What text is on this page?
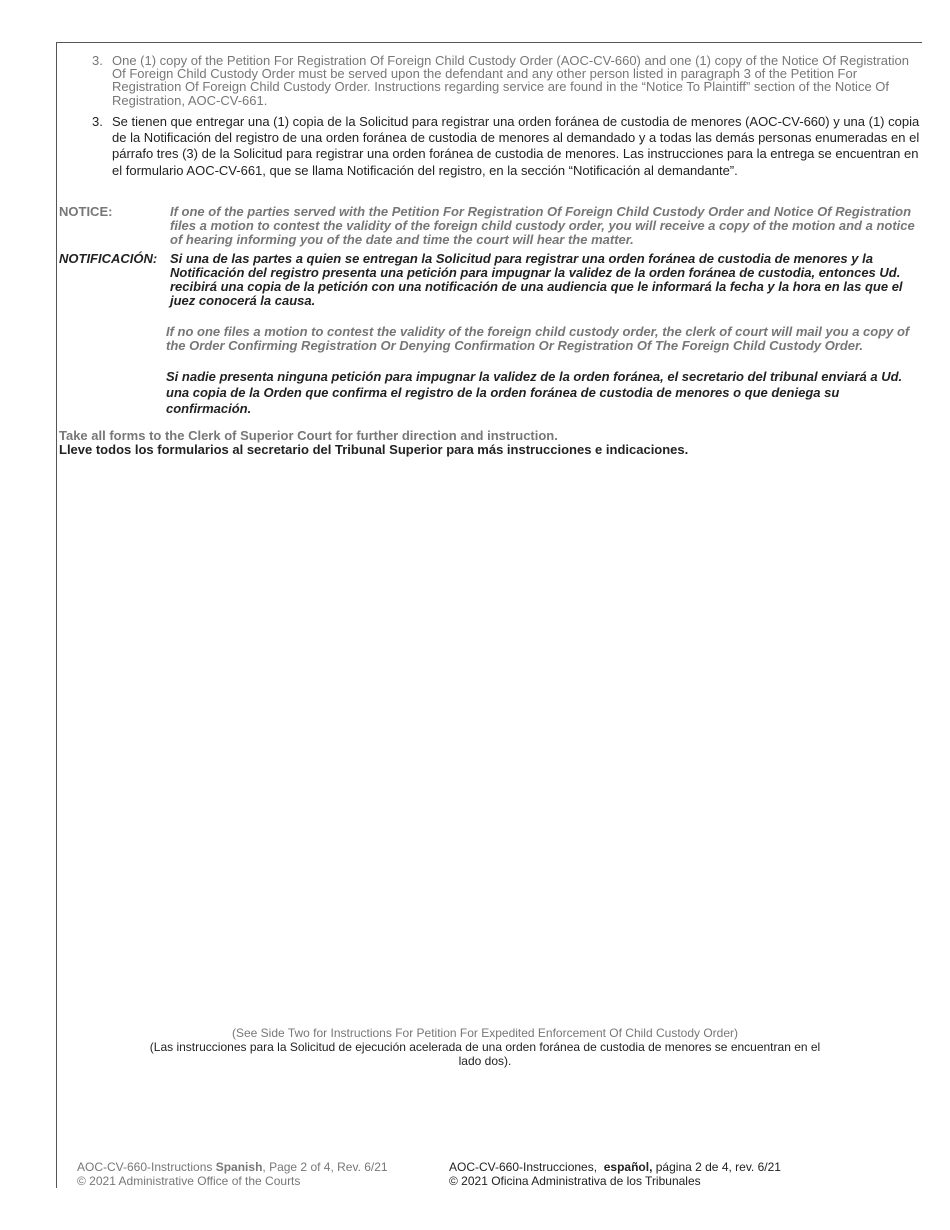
3. One (1) copy of the Petition For Registration Of Foreign Child Custody Order (AOC-CV-660) and one (1) copy of the Notice Of Registration Of Foreign Child Custody Order must be served upon the defendant and any other person listed in paragraph 3 of the Petition For Registration Of Foreign Child Custody Order. Instructions regarding service are found in the “Notice To Plaintiff” section of the Notice Of Registration, AOC-CV-661.
3. Se tienen que entregar una (1) copia de la Solicitud para registrar una orden foránea de custodia de menores (AOC-CV-660) y una (1) copia de la Notificación del registro de una orden foránea de custodia de menores al demandado y a todas las demás personas enumeradas en el párrafo tres (3) de la Solicitud para registrar una orden foránea de custodia de menores. Las instrucciones para la entrega se encuentran en el formulario AOC-CV-661, que se llama Notificación del registro, en la sección “Notificación al demandante”.
NOTICE:	If one of the parties served with the Petition For Registration Of Foreign Child Custody Order and Notice Of Registration files a motion to contest the validity of the foreign child custody order, you will receive a copy of the motion and a notice of hearing informing you of the date and time the court will hear the matter.
NOTIFICACIÓN: Si una de las partes a quien se entregan la Solicitud para registrar una orden foránea de custodia de menores y la Notificación del registro presenta una petición para impugnar la validez de la orden foránea de custodia, entonces Ud. recibirá una copia de la petición con una notificación de una audiencia que le informará la fecha y la hora en las que el juez conocerá la causa.
If no one files a motion to contest the validity of the foreign child custody order, the clerk of court will mail you a copy of the Order Confirming Registration Or Denying Confirmation Or Registration Of The Foreign Child Custody Order.
Si nadie presenta ninguna petición para impugnar la validez de la orden foránea, el secretario del tribunal enviará a Ud. una copia de la Orden que confirma el registro de la orden foránea de custodia de menores o que deniega su confirmación.
Take all forms to the Clerk of Superior Court for further direction and instruction.
Lleve todos los formularios al secretario del Tribunal Superior para más instrucciones e indicaciones.
(See Side Two for Instructions For Petition For Expedited Enforcement Of Child Custody Order)
(Las instrucciones para la Solicitud de ejecución acelerada de una orden foránea de custodia de menores se encuentran en el lado dos).
AOC-CV-660-Instructions Spanish, Page 2 of 4, Rev. 6/21
© 2021 Administrative Office of the Courts
AOC-CV-660-Instrucciones,  español, página 2 de 4, rev. 6/21
© 2021 Oficina Administrativa de los Tribunales
